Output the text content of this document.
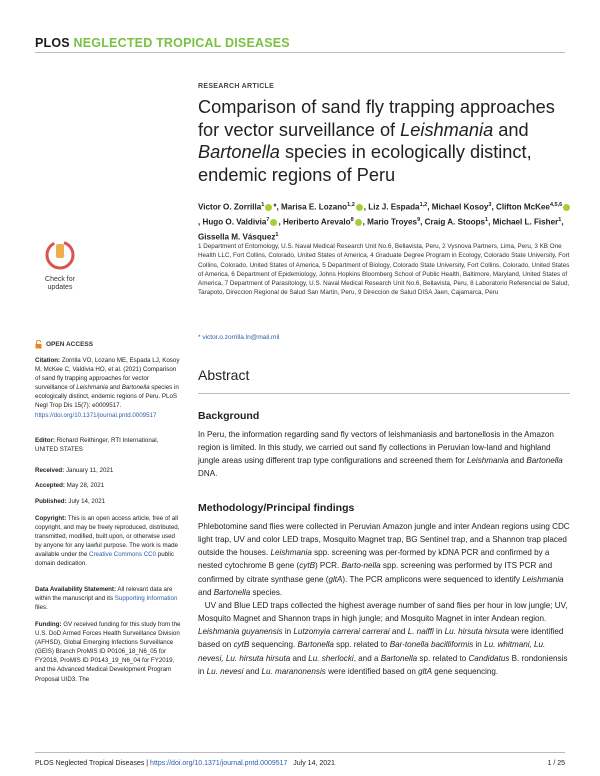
PLOS NEGLECTED TROPICAL DISEASES
RESEARCH ARTICLE
Comparison of sand fly trapping approaches
for vector surveillance of Leishmania and
Bartonella species in ecologically distinct,
endemic regions of Peru
Victor O. Zorrilla$^1$ *, Marisa E. Lozano$^{1,2}$ , Liz J. Espada$^{1,2}$, Michael Kosoy$^3$, Clifton McKee$^{4,5,6}$, Hugo O. Valdivia$^7$ , Heriberto Arevalo$^8$ , Mario Troyes$^9$, Craig A. Stoops$^1$, Michael L. Fisher$^1$, Gissella M. Vásquez$^1$
1 Department of Entomology, U.S. Naval Medical Research Unit No.6, Bellavista, Peru, 2 Vysnova Partners, Lima, Peru, 3 KB One Health LLC, Fort Collins, Colorado, United States of America, 4 Graduate Degree Program in Ecology, Colorado State University, Fort Collins, Colorado, United States of America, 5 Department of Biology, Colorado State University, Fort Collins, Colorado, United States of America, 6 Department of Epidemiology, Johns Hopkins Bloomberg School of Public Health, Baltimore, Maryland, United States of America, 7 Department of Parasitology, U.S. Naval Medical Research Unit No.6, Bellavista, Peru, 8 Laboratorio Referencial de Salud, Tarapoto, Direccion Regional de Salud San Martin, Peru, 9 Direccion de Salud DISA Jaen, Cajamarca, Peru
* victor.o.zorrilla.ln@mail.mil
Abstract
Background

In Peru, the information regarding sand fly vectors of leishmaniasis and bartonellosis in the Amazon region is limited. In this study, we carried out sand fly collections in Peruvian low-land and highland jungle areas using different trap type configurations and screened them for Leishmania and Bartonella DNA.

Methodology/Principal findings

Phlebotomine sand flies were collected in Peruvian Amazon jungle and inter Andean regions using CDC light trap, UV and color LED traps, Mosquito Magnet trap, BG Sentinel trap, and a Shannon trap placed outside the houses. Leishmania spp. screening was per-formed by kDNA PCR and confirmed by a nested cytochrome B gene (cytB) PCR. Barto-nella spp. screening was performed by ITS PCR and confirmed by citrate synthase gene (gltA). The PCR amplicons were sequenced to identify Leishmania and Bartonella species.

UV and Blue LED traps collected the highest average number of sand flies per hour in low jungle; UV, Mosquito Magnet and Shannon traps in high jungle; and Mosquito Magnet in inter Andean region. Leishmania guyanensis in Lutzomyia carrerai carrerai and L. naiffi in Lu. hirsuta hirsuta were identified based on cytB sequencing. Bartonella spp. related to Bar-tonella bacilliformis in Lu. whitmani, Lu. nevesi, Lu. hirsuta hirsuta and Lu. sherlocki, and a Bartonella sp. related to Candidatus B. rondoniensis in Lu. nevesi and Lu. maranonensis were identified based on gltA gene sequencing.

Check for
updates
OPEN ACCESS
Citation: Zorrilla VO, Lozano ME, Espada LJ, Kosoy M, McKee C, Valdivia HO, et al. (2021) Comparison of sand fly trapping approaches for vector surveillance of Leishmania and Bartonella species in ecologically distinct, endemic regions of Peru. PLoS Negl Trop Dis 15(7): e0009517. https://doi.org/10.1371/journal.pntd.0009517
Editor: Richard Reithinger, RTI International, UNITED STATES
Received: January 11, 2021
Accepted: May 28, 2021
Published: July 14, 2021
Copyright: This is an open access article, free of all copyright, and may be freely reproduced, distributed, transmitted, modified, built upon, or otherwise used by anyone for any lawful purpose. The work is made available under the Creative Commons CC0 public domain dedication.
Data Availability Statement: All relevant data are within the manuscript and its Supporting Information files.
Funding: GV received funding for this study from the U.S. DoD Armed Forces Health Surveillance Division (AFHSD), Global Emerging Infections Surveillance (GEIS) Branch ProMIS ID P0106_18_N6_05 for FY2018, ProMIS ID P0143_19_N6_04 for FY2019, and the Advanced Medical Development Program Proposal UID3. The
PLOS Neglected Tropical Diseases | https://doi.org/10.1371/journal.pntd.0009517 July 14, 2021	1 / 25
